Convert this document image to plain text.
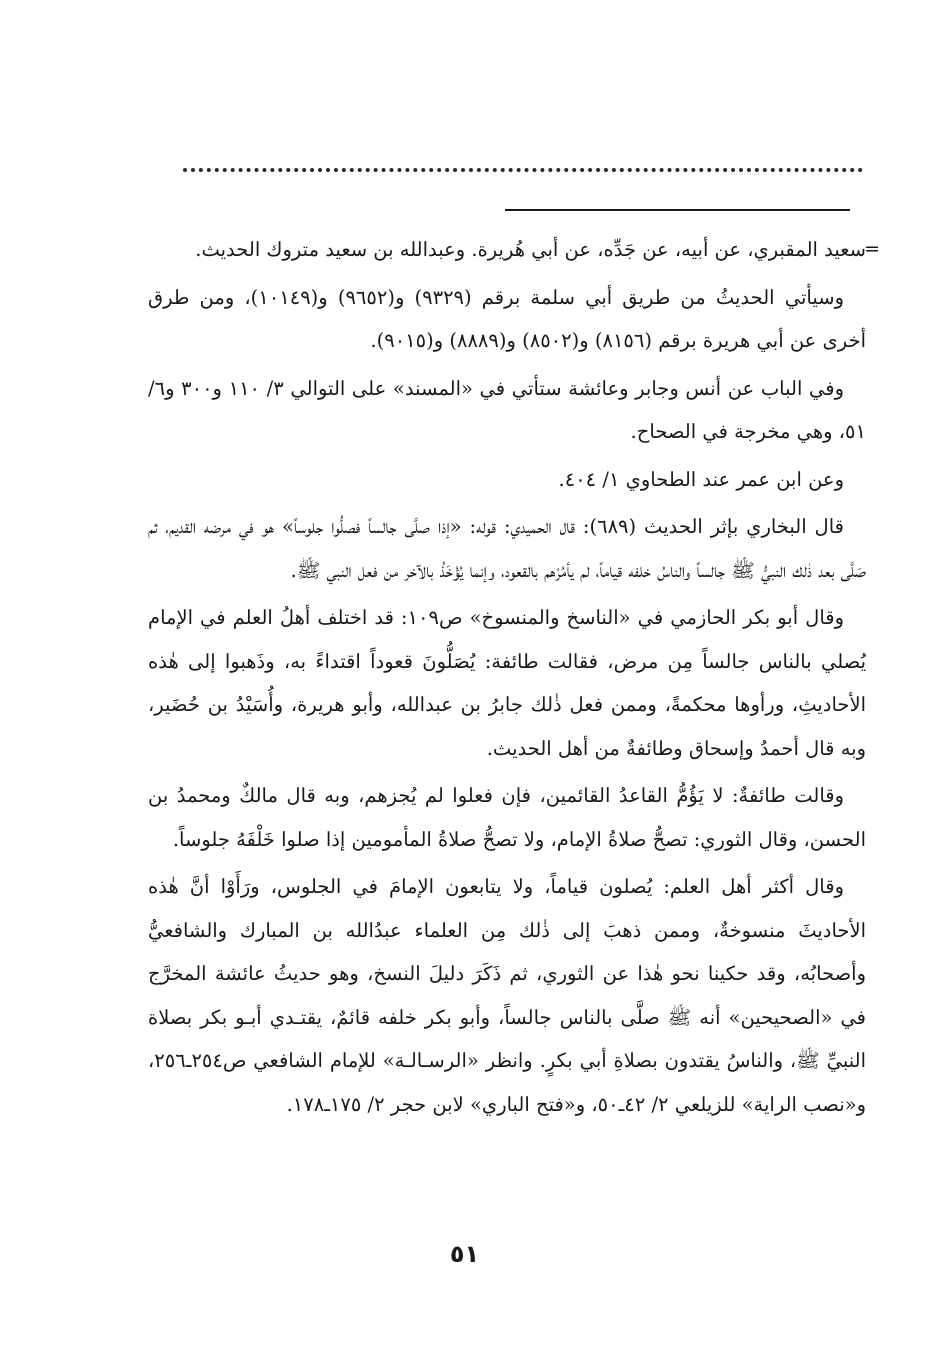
=
سعيد المقبري، عن أبيه، عن جَدِّه، عن أبي هُريرة. وعبدالله بن سعيد متروك الحديث.

وسيأتي الحديثُ من طريق أبي سلمة برقم (٩٣٢٩) و(٩٦٥٢) و(١٠١٤٩)، ومن طرق أخرى عن أبي هريرة برقم (٨١٥٦) و(٨٥٠٢) و(٨٨٨٩) و(٩٠١٥).

وفي الباب عن أنس وجابر وعائشة ستأتي في «المسند» على التوالي ٣/ ١١٠ و٣٠٠ و٦/ ٥١، وهي مخرجة في الصحاح.

وعن ابن عمر عند الطحاوي ١/ ٤٠٤.

قال البخاري بإثر الحديث (٦٨٩): قال الحميدي: قوله: «إذا صلَّى جالساً فصلُّوا جلوساً» هو في مرضه القديم، ثم صَلَّى بعد ذٰلك النبيُّ ﷺ جالساً والناسُ خلفه قياماً، لم يأمُرْهم بالقعود، وإنما يُؤْخَذُ بالآخر من فعل النبي ﷺ.

وقال أبو بكر الحازمي في «الناسخ والمنسوخ» ص١٠٩: قد اختلف أهلُ العلم في الإمام يُصلي بالناس جالساً مِن مرض، فقالت طائفة: يُصَلُّونَ قعوداً اقتداءً به، وذَهبوا إلى هٰذه الأحاديثِ، ورأوها محكمةً، وممن فعل ذٰلك جابرُ بن عبدالله، وأبو هريرة، وأُسَيْدُ بن حُضَير، وبه قال أحمدُ وإسحاق وطائفةٌ من أهل الحديث.

وقالت طائفةٌ: لا يَؤُمُّ القاعدُ القائمين، فإن فعلوا لم يُجزهم، وبه قال مالكٌ ومحمدُ بن الحسن، وقال الثوري: تصحُّ صلاةُ الإمام، ولا تصحُّ صلاةُ المأمومين إذا صلوا خَلْفَهُ جلوساً.

وقال أكثر أهل العلم: يُصلون قياماً، ولا يتابعون الإمامَ في الجلوس، ورَأَوْا أنَّ هٰذه الأحاديثَ منسوخةٌ، وممن ذهبَ إلى ذٰلك مِن العلماء عبدُالله بن المبارك والشافعيُّ وأصحابُه، وقد حكينا نحو هٰذا عن الثوري، ثم ذَكَرَ دليلَ النسخ، وهو حديثُ عائشة المخرَّج في «الصحيحين» أنه ﷺ صلَّى بالناس جالساً، وأبو بكر خلفه قائمٌ، يقتـدي أبـو بكر بصلاة النبيِّ ﷺ، والناسُ يقتدون بصلاةِ أبي بكرٍ. وانظر «الرسـالـة» للإمام الشافعي ص٢٥٤ـ٢٥٦، و«نصب الراية» للزيلعي ٢/ ٤٢ـ٥٠، و«فتح الباري» لابن حجر ٢/ ١٧٥ـ١٧٨.

٥١
